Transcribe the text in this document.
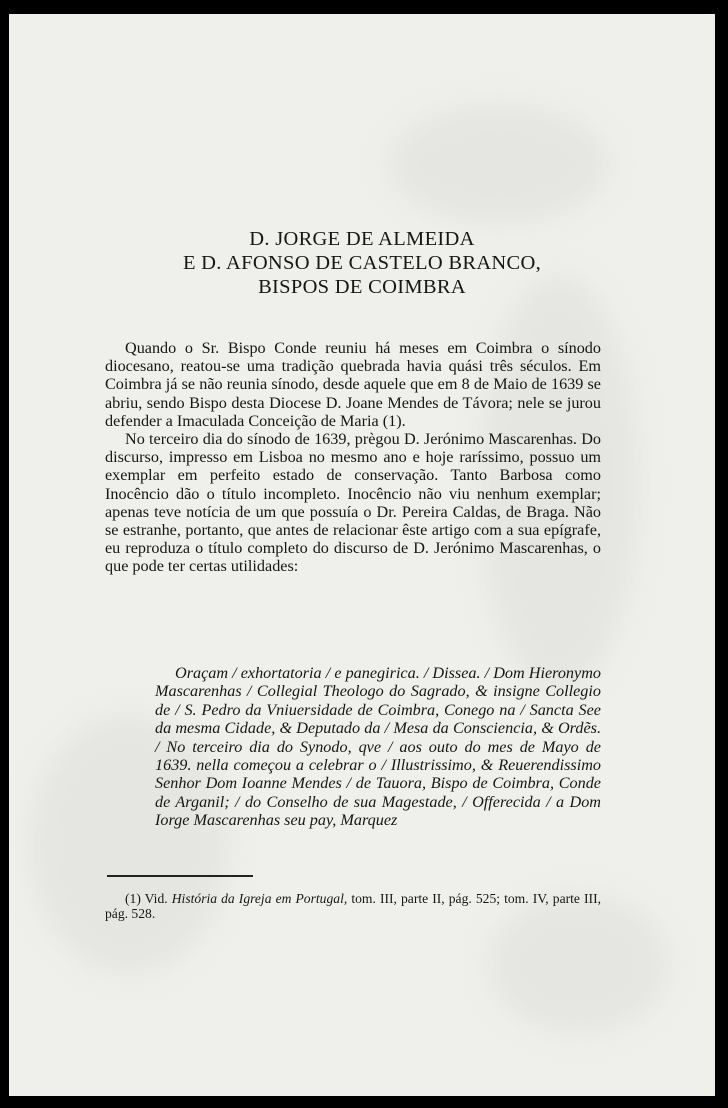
D. JORGE DE ALMEIDA
E D. AFONSO DE CASTELO BRANCO,
BISPOS DE COIMBRA

Quando o Sr. Bispo Conde reuniu há meses em Coimbra o sínodo diocesano, reatou-se uma tradição quebrada havia quási três séculos. Em Coimbra já se não reunia sínodo, desde aquele que em 8 de Maio de 1639 se abriu, sendo Bispo desta Diocese D. Joane Mendes de Távora; nele se jurou defender a Imaculada Conceição de Maria (1).

No terceiro dia do sínodo de 1639, prègou D. Jerónimo Mascarenhas. Do discurso, impresso em Lisboa no mesmo ano e hoje raríssimo, possuo um exemplar em perfeito estado de conservação. Tanto Barbosa como Inocêncio dão o título incompleto. Inocêncio não viu nenhum exemplar; apenas teve notícia de um que possuía o Dr. Pereira Caldas, de Braga. Não se estranhe, portanto, que antes de relacionar êste artigo com a sua epígrafe, eu reproduza o título completo do discurso de D. Jerónimo Mascarenhas, o que pode ter certas utilidades:

Oraçam / exhortatoria / e panegirica. / Dissea. / Dom Hieronymo Mascarenhas / Collegial Theologo do Sagrado, & insigne Collegio de / S. Pedro da Vniuersidade de Coimbra, Conego na / Sancta See da mesma Cidade, & Deputado da / Mesa da Consciencia, & Ordẽs. / No terceiro dia do Synodo, qve / aos outo do mes de Mayo de 1639. nella começou a celebrar o / Illustrissimo, & Reuerendissimo Senhor Dom Ioanne Mendes / de Tauora, Bispo de Coimbra, Conde de Arganil; / do Conselho de sua Magestade, / Offerecida / a Dom Iorge Mascarenhas seu pay, Marquez

(1) Vid. História da Igreja em Portugal, tom. III, parte II, pág. 525; tom. IV, parte III, pág. 528.
